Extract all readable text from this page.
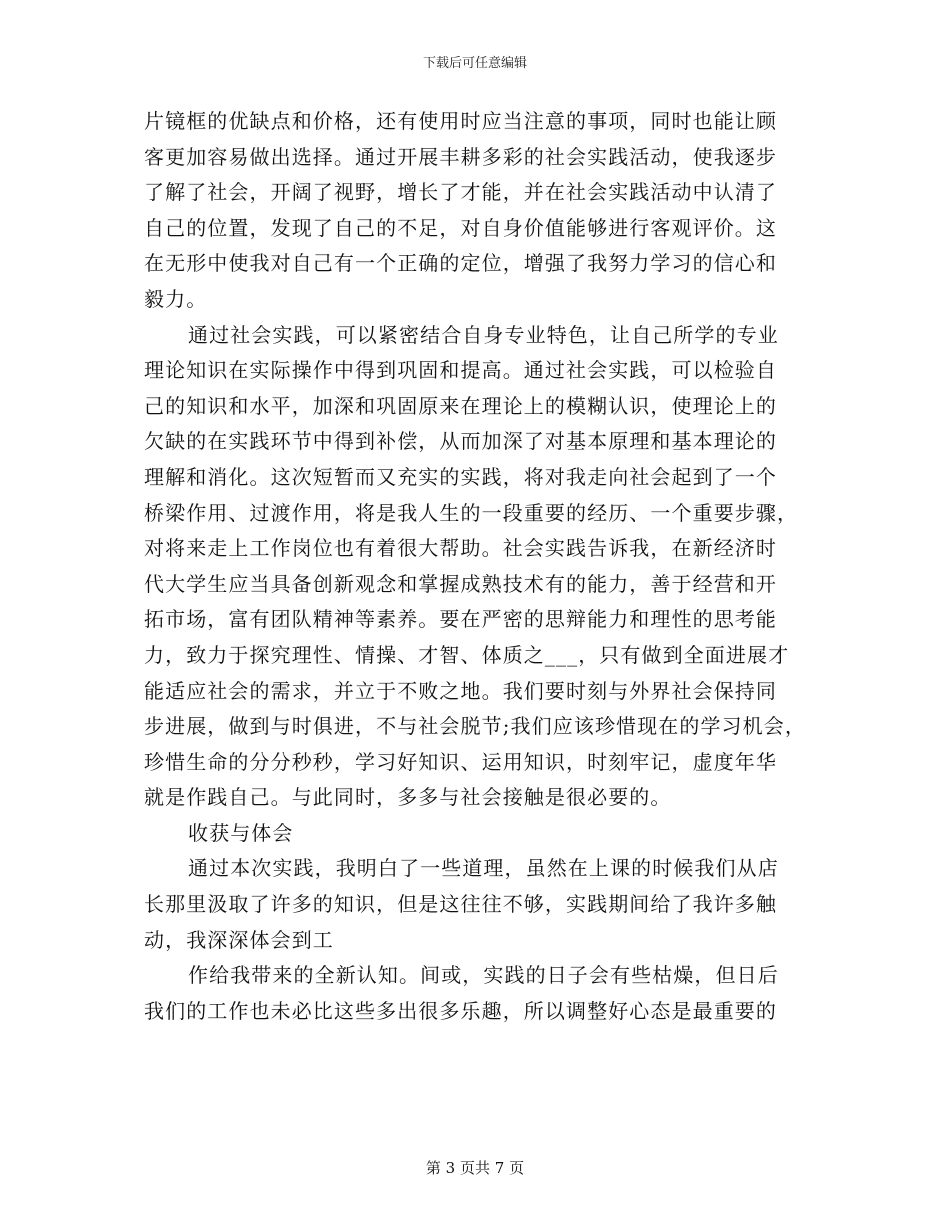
下载后可任意编辑
片镜框的优缺点和价格，还有使用时应当注意的事项，同时也能让顾
客更加容易做出选择。通过开展丰耕多彩的社会实践活动，使我逐步
了解了社会，开阔了视野，增长了才能，并在社会实践活动中认清了
自己的位置，发现了自己的不足，对自身价值能够进行客观评价。这
在无形中使我对自己有一个正确的定位，增强了我努力学习的信心和
毅力。
通过社会实践，可以紧密结合自身专业特色，让自己所学的专业
理论知识在实际操作中得到巩固和提高。通过社会实践，可以检验自
己的知识和水平，加深和巩固原来在理论上的模糊认识，使理论上的
欠缺的在实践环节中得到补偿，从而加深了对基本原理和基本理论的
理解和消化。这次短暂而又充实的实践，将对我走向社会起到了一个
桥梁作用、过渡作用，将是我人生的一段重要的经历、一个重要步骤，
对将来走上工作岗位也有着很大帮助。社会实践告诉我，在新经济时
代大学生应当具备创新观念和掌握成熟技术有的能力，善于经营和开
拓市场，富有团队精神等素养。要在严密的思辩能力和理性的思考能
力，致力于探究理性、情操、才智、体质之___，只有做到全面进展才
能适应社会的需求，并立于不败之地。我们要时刻与外界社会保持同
步进展，做到与时俱进，不与社会脱节;我们应该珍惜现在的学习机会，
珍惜生命的分分秒秒，学习好知识、运用知识，时刻牢记，虚度年华
就是作践自己。与此同时，多多与社会接触是很必要的。
收获与体会
通过本次实践，我明白了一些道理，虽然在上课的时候我们从店
长那里汲取了许多的知识，但是这往往不够，实践期间给了我许多触
动，我深深体会到工
作给我带来的全新认知。间或，实践的日子会有些枯燥，但日后
我们的工作也未必比这些多出很多乐趣，所以调整好心态是最重要的
第 3 页共 7 页
